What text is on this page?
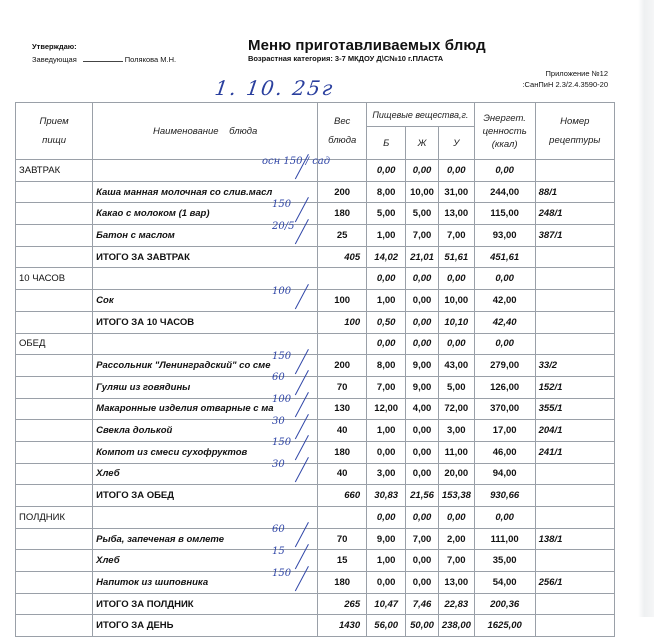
Утверждаю:
Заведующая	Полякова М.Н.
Меню приготавливаемых блюд
Возрастная категория: 3-7 МКДОУ Д\С№10 г.ПЛАСТА
Приложение №12
:СанПиН 2.3/2.4.3590-20
1. 10. 25г
Прием
пищи
	Наименование    блюда	
Вес
блюда
	Пищевые вещества,г.	Энергет.
ценность
(ккал)

Номер
рецептуры

			Б	Ж	У		
ЗАВТРАК			0,00	0,00	0,00	0,00	
	Каша манная молочная со слив.масл	200	8,00	10,00	31,00	244,00	88/1
	Какао с молоком (1 вар)	180	5,00	5,00	13,00	115,00	248/1
	Батон с маслом	25	1,00	7,00	7,00	93,00	387/1
	ИТОГО ЗА ЗАВТРАК	405	14,02	21,01	51,61	451,61	
10 ЧАСОВ			0,00	0,00	0,00	0,00	
	Сок	100	1,00	0,00	10,00	42,00	
	ИТОГО ЗА 10 ЧАСОВ	100	0,50	0,00	10,10	42,40	
ОБЕД			0,00	0,00	0,00	0,00	
	Рассольник "Ленинградский" со сме	200	8,00	9,00	43,00	279,00	33/2
	Гуляш из говядины	70	7,00	9,00	5,00	126,00	152/1
	Макаронные изделия отварные с ма	130	12,00	4,00	72,00	370,00	355/1
	Свекла долькой	40	1,00	0,00	3,00	17,00	204/1
	Компот из смеси сухофруктов	180	0,00	0,00	11,00	46,00	241/1
	Хлеб	40	3,00	0,00	20,00	94,00	
	ИТОГО ЗА ОБЕД	660	30,83	21,56	153,38	930,66	
ПОЛДНИК			0,00	0,00	0,00	0,00	
	Рыба, запеченая в омлете	70	9,00	7,00	2,00	111,00	138/1
	Хлеб	15	1,00	0,00	7,00	35,00	
	Напиток из шиповника	180	0,00	0,00	13,00	54,00	256/1
	ИТОГО ЗА ПОЛДНИК	265	10,47	7,46	22,83	200,36	
	ИТОГО ЗА ДЕНЬ	1430	56,00	50,00	238,00	1625,00	
осн 150 / сад
150
20/5
100
150
60
100
30
150
30
60
15
150
